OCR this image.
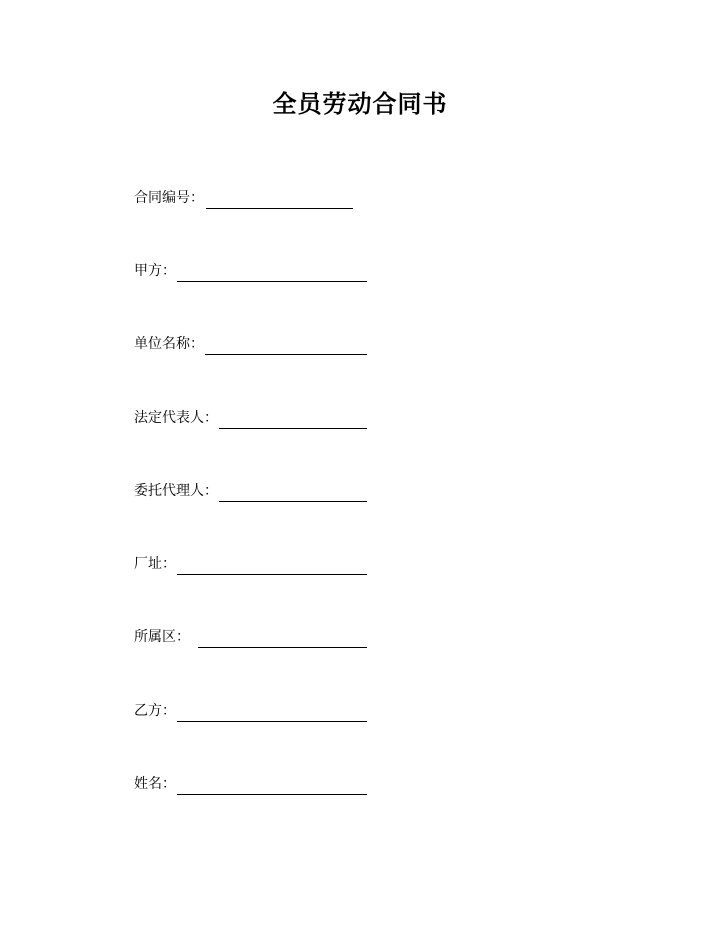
全员劳动合同书
合同编号：
甲方：
单位名称：
法定代表人：
委托代理人：
厂址：
所属区：
乙方：
姓名：
